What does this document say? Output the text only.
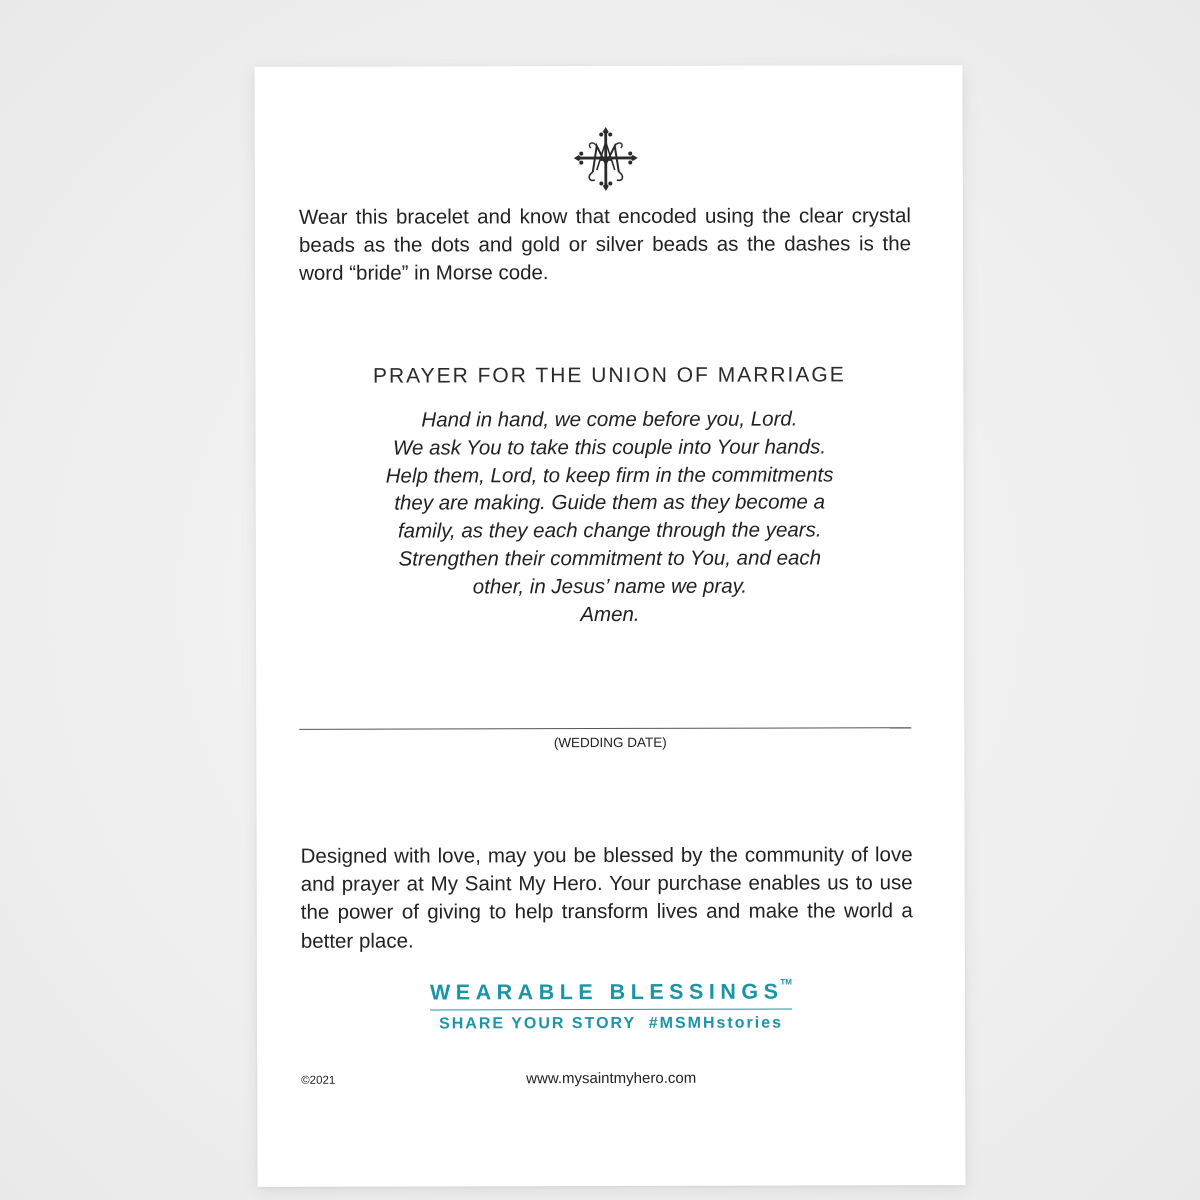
Wear this bracelet and know that encoded using the clear crystal beads as the dots and gold or silver beads as the dashes is the word “bride” in Morse code.
PRAYER FOR THE UNION OF MARRIAGE
Hand in hand, we come before you, Lord.
We ask You to take this couple into Your hands.
Help them, Lord, to keep firm in the commitments
they are making. Guide them as they become a
family, as they each change through the years.
Strengthen their commitment to You, and each
other, in Jesus’ name we pray.
Amen.
(WEDDING DATE)
Designed with love, may you be blessed by the community of love and prayer at My Saint My Hero. Your purchase enables us to use the power of giving to help transform lives and make the world a better place.
WEARABLE BLESSINGS™
SHARE YOUR STORY  #MSMHstories
©2021	www.mysaintmyhero.com
